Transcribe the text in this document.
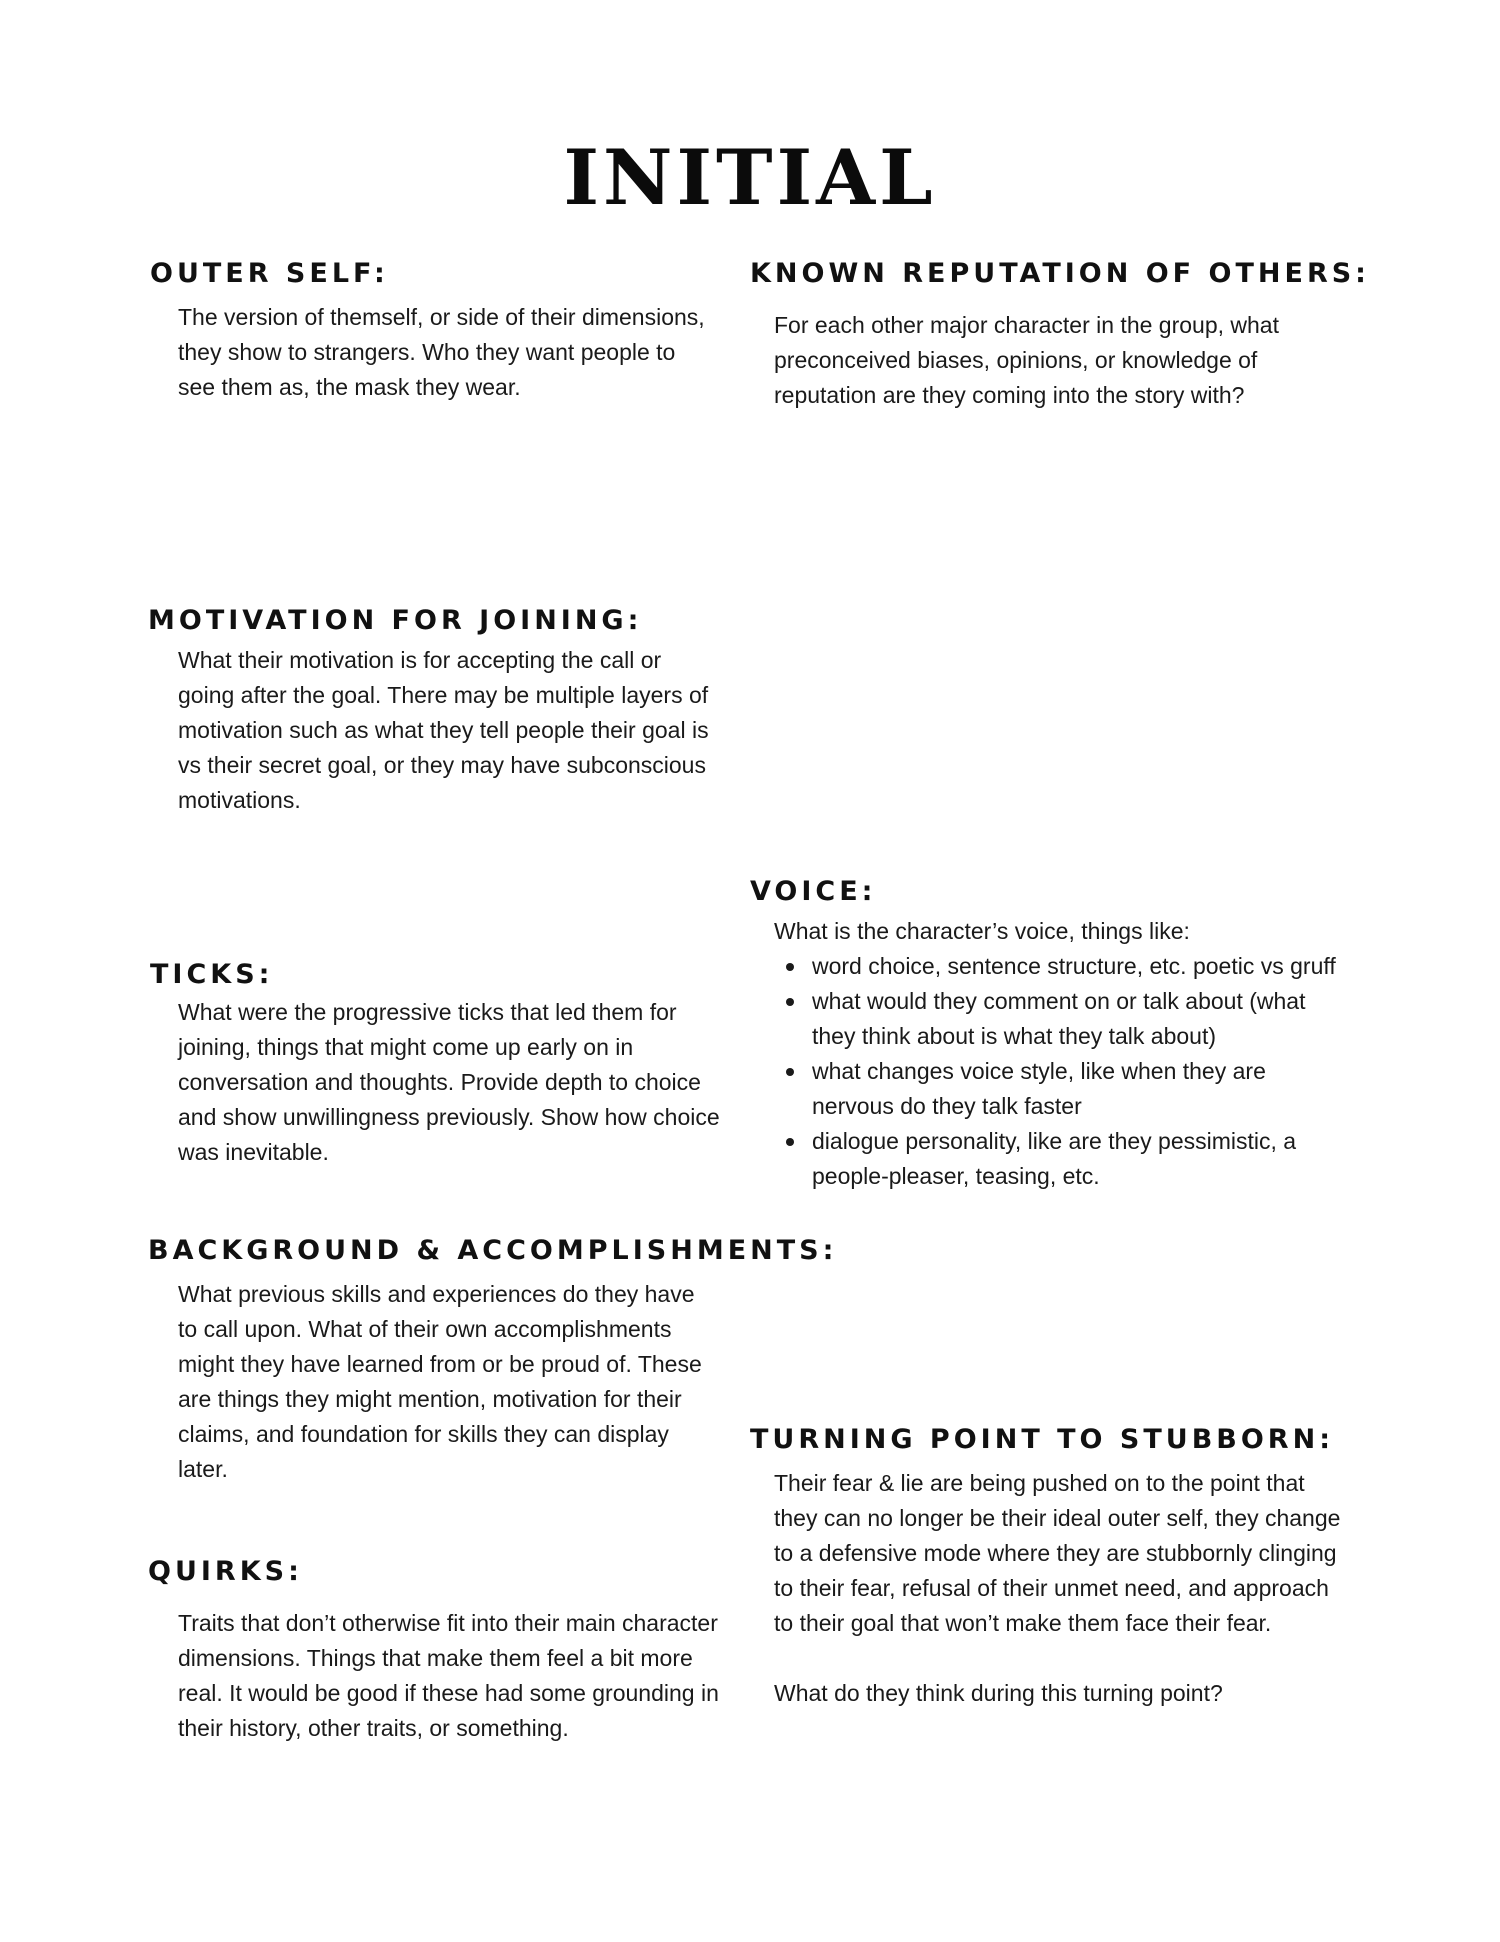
INITIAL
OUTER SELF:

The version of themself, or side of their dimensions, they show to strangers. Who they want people to see them as, the mask they wear.

KNOWN REPUTATION OF OTHERS:

For each other major character in the group, what preconceived biases, opinions, or knowledge of reputation are they coming into the story with?

MOTIVATION FOR JOINING:

What their motivation is for accepting the call or going after the goal. There may be multiple layers of motivation such as what they tell people their goal is vs their secret goal, or they may have subconscious motivations.

VOICE:

What is the character’s voice, things like:

word choice, sentence structure, etc. poetic vs gruff
what would they comment on or talk about (what they think about is what they talk about)
what changes voice style, like when they are nervous do they talk faster
dialogue personality, like are they pessimistic, a people-pleaser, teasing, etc.
TICKS:

What were the progressive ticks that led them for joining, things that might come up early on in conversation and thoughts. Provide depth to choice and show unwillingness previously. Show how choice was inevitable.

BACKGROUND & ACCOMPLISHMENTS:

What previous skills and experiences do they have to call upon. What of their own accomplishments might they have learned from or be proud of. These are things they might mention, motivation for their claims, and foundation for skills they can display later.

TURNING POINT TO STUBBORN:

Their fear & lie are being pushed on to the point that they can no longer be their ideal outer self, they change to a defensive mode where they are stubbornly clinging to their fear, refusal of their unmet need, and approach to their goal that won’t make them face their fear.

What do they think during this turning point?

QUIRKS:

Traits that don’t otherwise fit into their main character dimensions. Things that make them feel a bit more real. It would be good if these had some grounding in their history, other traits, or something.
